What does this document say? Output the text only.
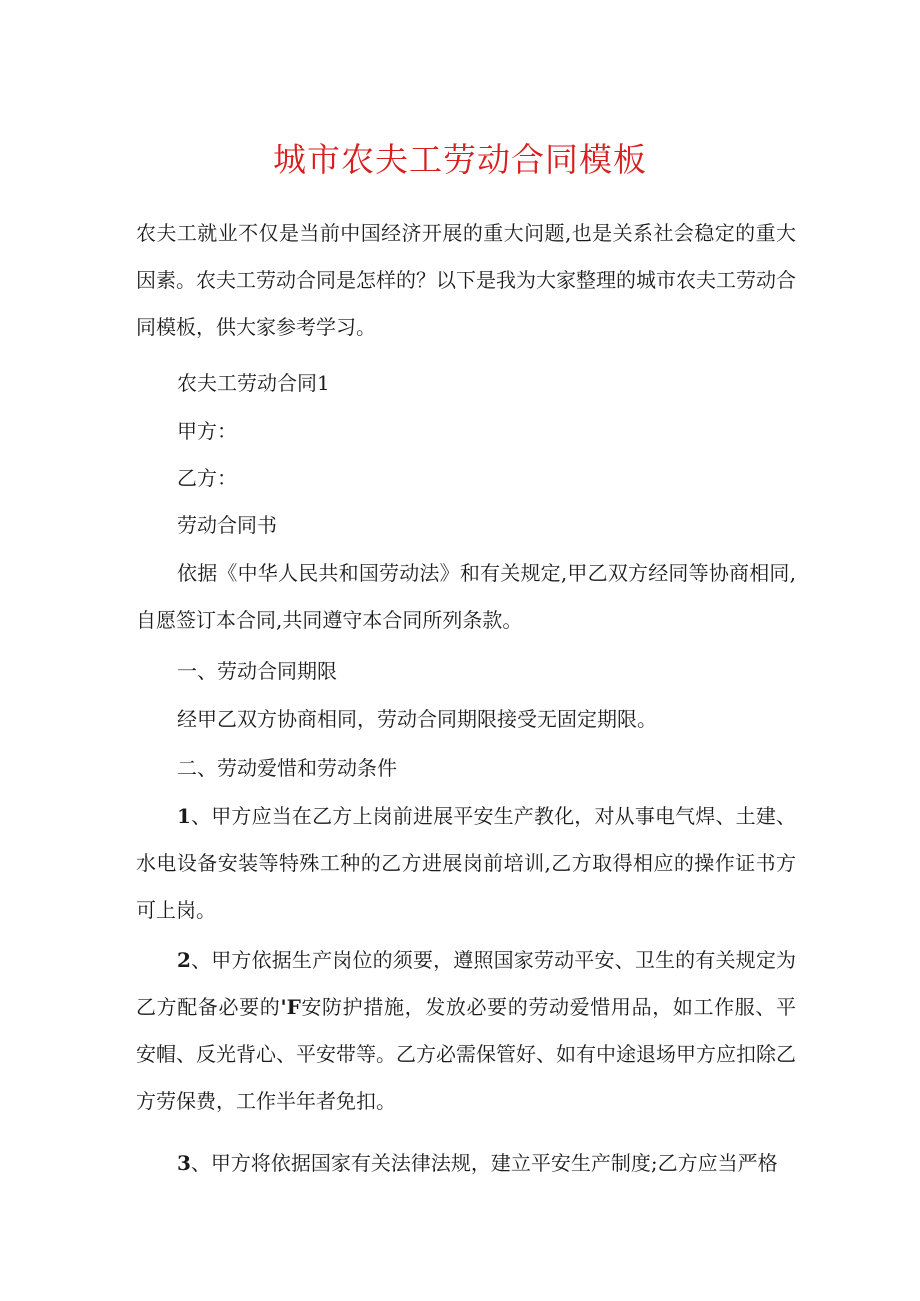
城市农夫工劳动合同模板

农夫工就业不仅是当前中国经济开展的重大问题,也是关系社会稳定的重大因素。农夫工劳动合同是怎样的？以下是我为大家整理的城市农夫工劳动合同模板，供大家参考学习。

农夫工劳动合同1

甲方：

乙方：

劳动合同书

依据《中华人民共和国劳动法》和有关规定,甲乙双方经同等协商相同,自愿签订本合同,共同遵守本合同所列条款。

一、劳动合同期限

经甲乙双方协商相同，劳动合同期限接受无固定期限。

二、劳动爱惜和劳动条件

1、甲方应当在乙方上岗前进展平安生产教化，对从事电气焊、土建、水电设备安装等特殊工种的乙方进展岗前培训,乙方取得相应的操作证书方可上岗。

2、甲方依据生产岗位的须要，遵照国家劳动平安、卫生的有关规定为乙方配备必要的'F安防护措施，发放必要的劳动爱惜用品，如工作服、平安帽、反光背心、平安带等。乙方必需保管好、如有中途退场甲方应扣除乙方劳保费，工作半年者免扣。

3、甲方将依据国家有关法律法规，建立平安生产制度;乙方应当严格
